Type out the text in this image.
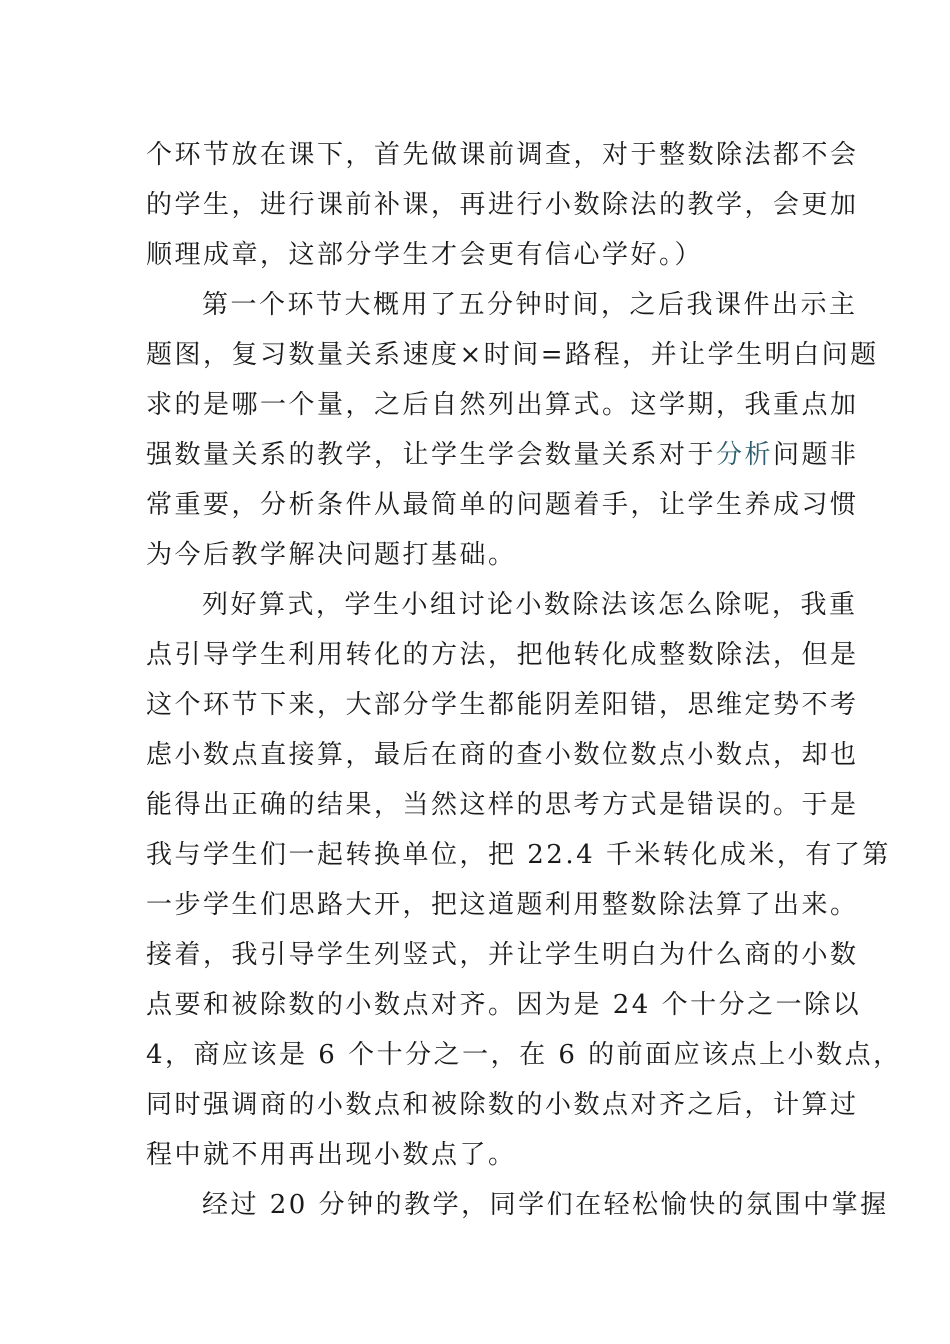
个环节放在课下，首先做课前调查，对于整数除法都不会
的学生，进行课前补课，再进行小数除法的教学，会更加
顺理成章，这部分学生才会更有信心学好。）
第一个环节大概用了五分钟时间，之后我课件出示主
题图，复习数量关系速度×时间=路程，并让学生明白问题
求的是哪一个量，之后自然列出算式。这学期，我重点加
强数量关系的教学，让学生学会数量关系对于分析问题非
常重要，分析条件从最简单的问题着手，让学生养成习惯
为今后教学解决问题打基础。
列好算式，学生小组讨论小数除法该怎么除呢，我重
点引导学生利用转化的方法，把他转化成整数除法，但是
这个环节下来，大部分学生都能阴差阳错，思维定势不考
虑小数点直接算，最后在商的查小数位数点小数点，却也
能得出正确的结果，当然这样的思考方式是错误的。于是
我与学生们一起转换单位，把 22.4 千米转化成米，有了第
一步学生们思路大开，把这道题利用整数除法算了出来。
接着，我引导学生列竖式，并让学生明白为什么商的小数
点要和被除数的小数点对齐。因为是 24 个十分之一除以
4，商应该是 6 个十分之一，在 6 的前面应该点上小数点，
同时强调商的小数点和被除数的小数点对齐之后，计算过
程中就不用再出现小数点了。
经过 20 分钟的教学，同学们在轻松愉快的氛围中掌握
